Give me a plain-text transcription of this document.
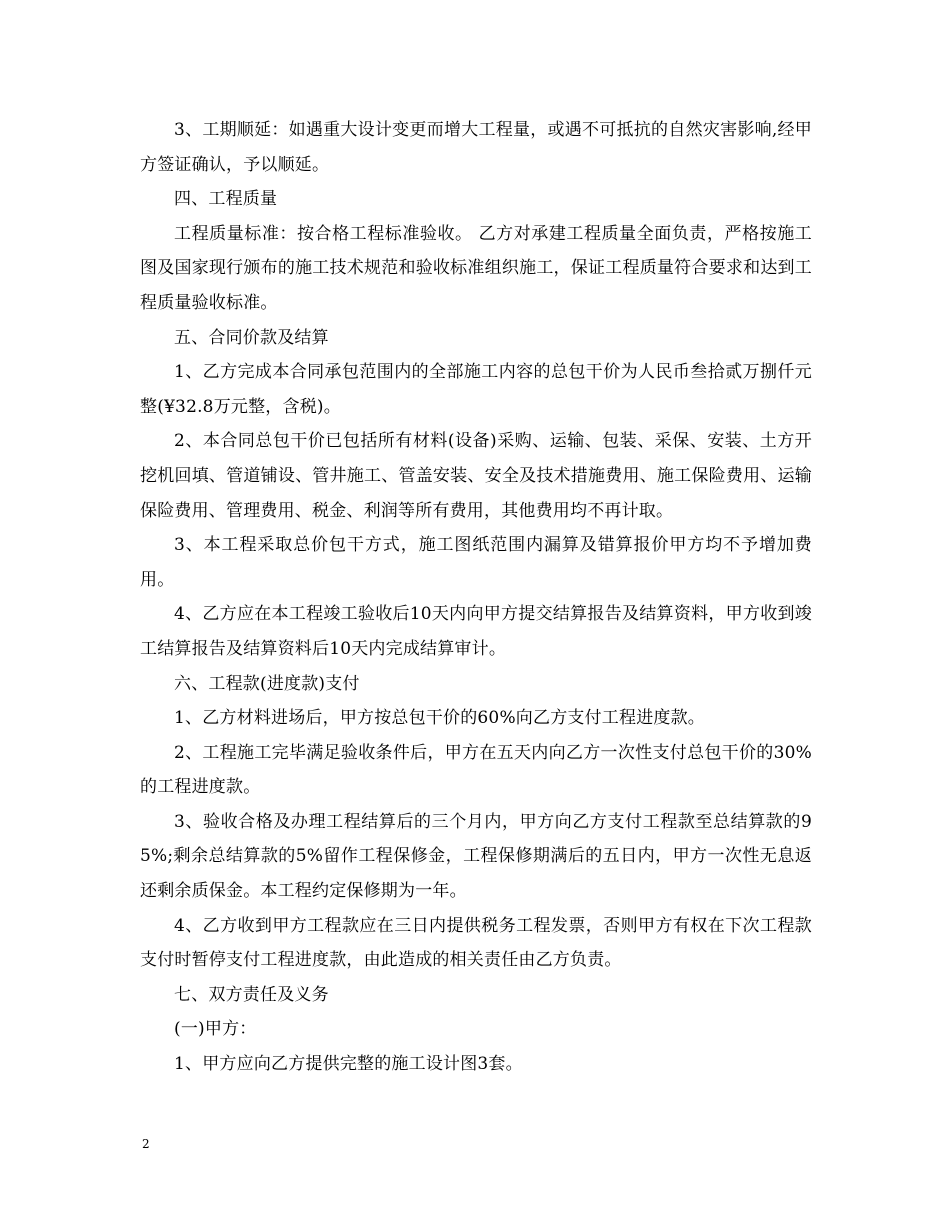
3、工期顺延：如遇重大设计变更而增大工程量，或遇不可抵抗的自然灾害影响,经甲方签证确认，予以顺延。

四、工程质量

工程质量标准：按合格工程标准验收。 乙方对承建工程质量全面负责，严格按施工图及国家现行颁布的施工技术规范和验收标准组织施工，保证工程质量符合要求和达到工程质量验收标准。

五、合同价款及结算

1、乙方完成本合同承包范围内的全部施工内容的总包干价为人民币叁拾贰万捌仟元整(¥32.8万元整，含税)。

2、本合同总包干价已包括所有材料(设备)采购、运输、包装、采保、安装、土方开挖机回填、管道铺设、管井施工、管盖安装、安全及技术措施费用、施工保险费用、运输保险费用、管理费用、税金、利润等所有费用，其他费用均不再计取。

3、本工程采取总价包干方式，施工图纸范围内漏算及错算报价甲方均不予增加费用。

4、乙方应在本工程竣工验收后10天内向甲方提交结算报告及结算资料，甲方收到竣工结算报告及结算资料后10天内完成结算审计。

六、工程款(进度款)支付

1、乙方材料进场后，甲方按总包干价的60%向乙方支付工程进度款。

2、工程施工完毕满足验收条件后，甲方在五天内向乙方一次性支付总包干价的30%的工程进度款。

3、验收合格及办理工程结算后的三个月内，甲方向乙方支付工程款至总结算款的95%;剩余总结算款的5%留作工程保修金，工程保修期满后的五日内，甲方一次性无息返还剩余质保金。本工程约定保修期为一年。

4、乙方收到甲方工程款应在三日内提供税务工程发票，否则甲方有权在下次工程款支付时暂停支付工程进度款，由此造成的相关责任由乙方负责。

七、双方责任及义务

(一)甲方：

1、甲方应向乙方提供完整的施工设计图3套。

2
